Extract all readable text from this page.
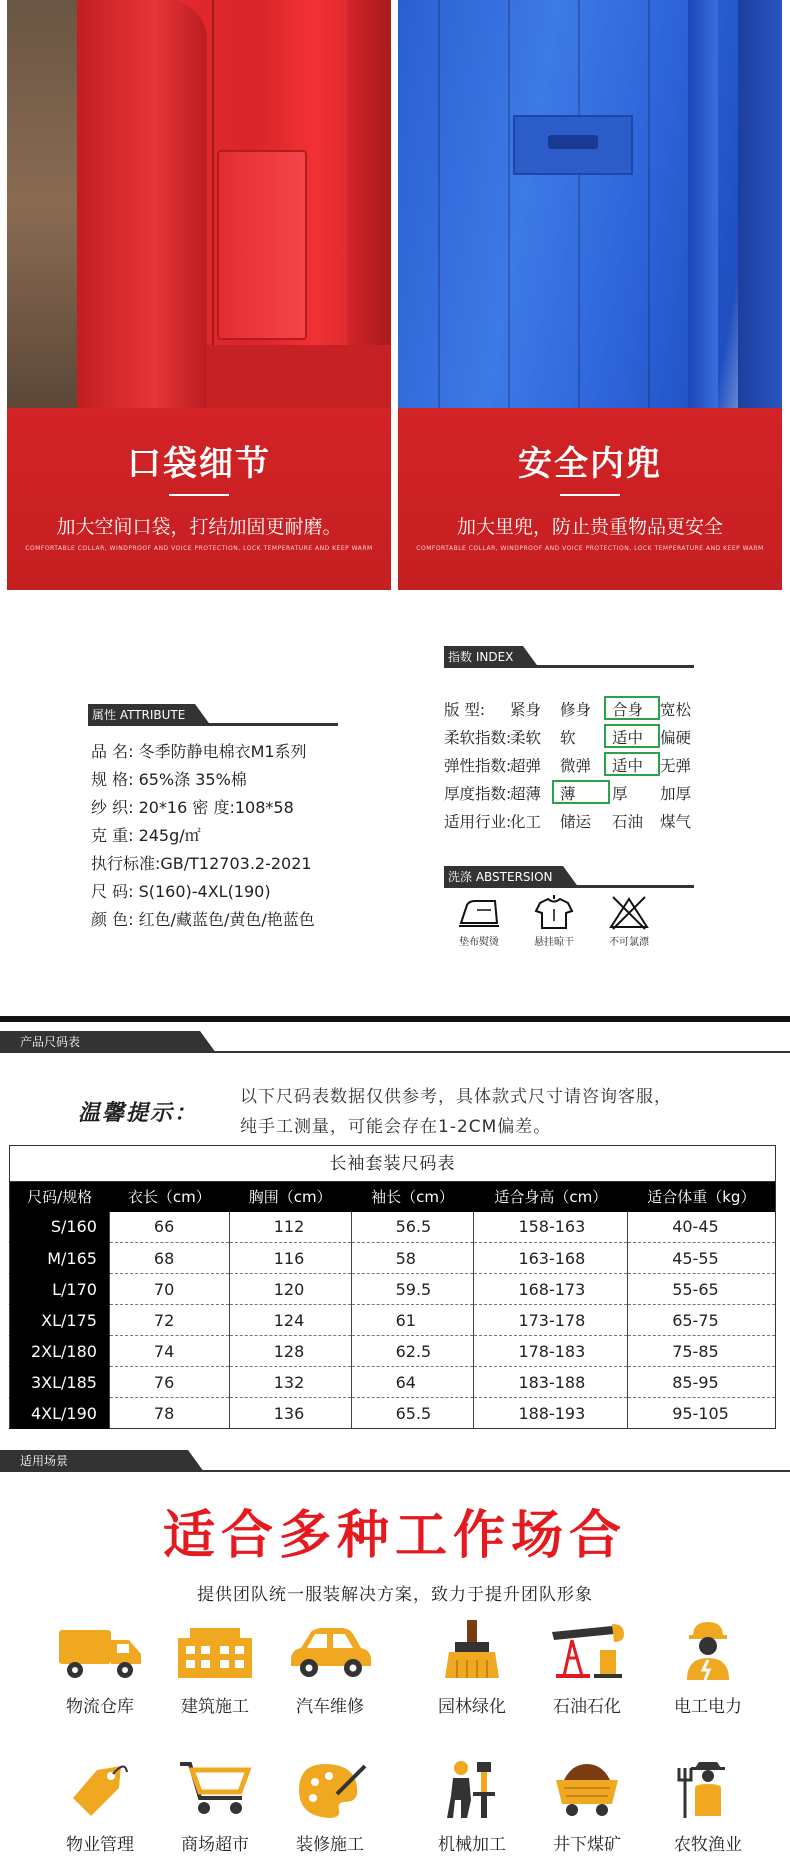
口袋细节
加大空间口袋，打结加固更耐磨。
COMFORTABLE COLLAR, WINDPROOF AND VOICE PROTECTION, LOCK TEMPERATURE AND KEEP WARM
安全内兜
加大里兜，防止贵重物品更安全
COMFORTABLE COLLAR, WINDPROOF AND VOICE PROTECTION, LOCK TEMPERATURE AND KEEP WARM
属性 ATTRIBUTE
品 名: 冬季防静电棉衣M1系列
规 格: 65%涤 35%棉
纱 织: 20*16 密 度:108*58
克 重: 245g/㎡
执行标准:GB/T12703.2-2021
尺 码: S(160)-4XL(190)
颜 色: 红色/藏蓝色/黄色/艳蓝色
指数 INDEX
版 型: 紧身 修身 合身 宽松
柔软指数:
柔软 软 适中 偏硬
弹性指数:
超弹 微弹 适中 无弹
厚度指数:
超薄 薄 厚 加厚
适用行业:
化工 储运 石油 煤气
洗涤 ABSTERSION
垫布熨烫	悬挂晾干	不可氯漂
产品尺码表
温馨提示：
以下尺码表数据仅供参考，具体款式尺寸请咨询客服，
纯手工测量，可能会存在1-2CM偏差。
长袖套装尺码表
尺码/规格	衣长（cm）	胸围（cm）	袖长（cm）	适合身高（cm）	适合体重（kg）
S/160	66	112	56.5	158-163	40-45
M/165	68	116	58	163-168	45-55
L/170	70	120	59.5	168-173	55-65
XL/175	72	124	61	173-178	65-75
2XL/180	74	128	62.5	178-183	75-85
3XL/185	76	132	64	183-188	85-95
4XL/190	78	136	65.5	188-193	95-105
适用场景
适合多种工作场合
提供团队统一服装解决方案，致力于提升团队形象
物流仓库	建筑施工	汽车维修	园林绿化	石油石化	电工电力
物业管理	商场超市	装修施工	机械加工	井下煤矿	农牧渔业
